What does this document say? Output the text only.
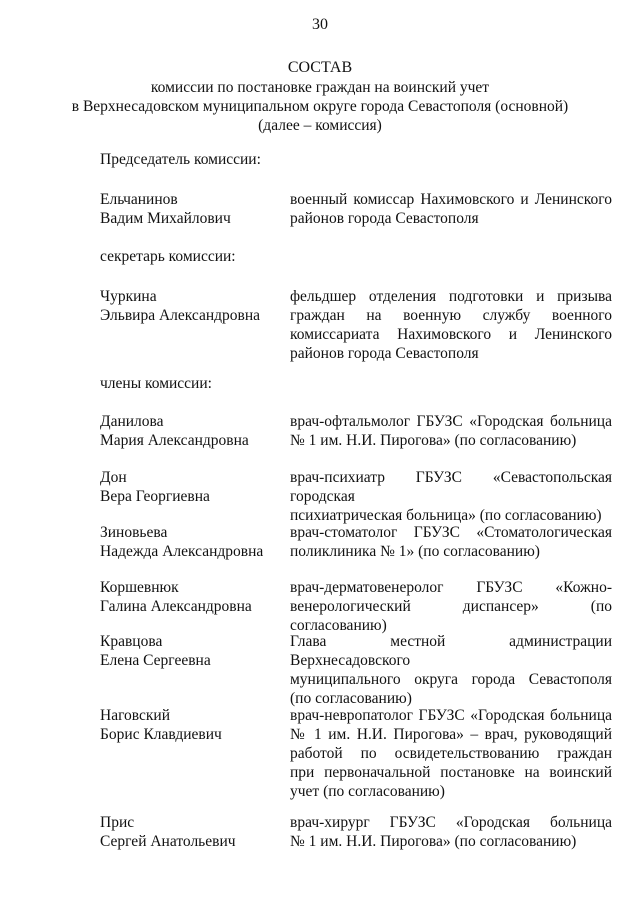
30
СОСТАВ
комиссии по постановке граждан на воинский учет
в Верхнесадовском муниципальном округе города Севастополя (основной)
(далее – комиссия)
Председатель комиссии:
Ельчанинов
Вадим Михайлович
военный комиссар Нахимовского и Ленинского
районов города Севастополя
секретарь комиссии:
Чуркина
Эльвира Александровна
фельдшер отделения подготовки и призыва
граждан на военную службу военного
комиссариата Нахимовского и Ленинского
районов города Севастополя
члены комиссии:
Данилова
Мария Александровна
врач-офтальмолог ГБУЗС «Городская больница
№ 1 им. Н.И. Пирогова» (по согласованию)
Дон
Вера Георгиевна
врач-психиатр ГБУЗС «Севастопольская городская
психиатрическая больница» (по согласованию)
Зиновьева
Надежда Александровна
врач-стоматолог ГБУЗС «Стоматологическая
поликлиника № 1» (по согласованию)
Коршевнюк
Галина Александровна
врач-дерматовенеролог ГБУЗС «Кожно-
венерологический диспансер» (по согласованию)
Кравцова
Елена Сергеевна
Глава местной администрации Верхнесадовского
муниципального округа города Севастополя
(по согласованию)
Наговский
Борис Клавдиевич
врач-невропатолог ГБУЗС «Городская больница
№ 1 им. Н.И. Пирогова» – врач, руководящий
работой по освидетельствованию граждан
при первоначальной постановке на воинский
учет (по согласованию)
Прис
Сергей Анатольевич
врач-хирург ГБУЗС «Городская больница
№ 1 им. Н.И. Пирогова» (по согласованию)
